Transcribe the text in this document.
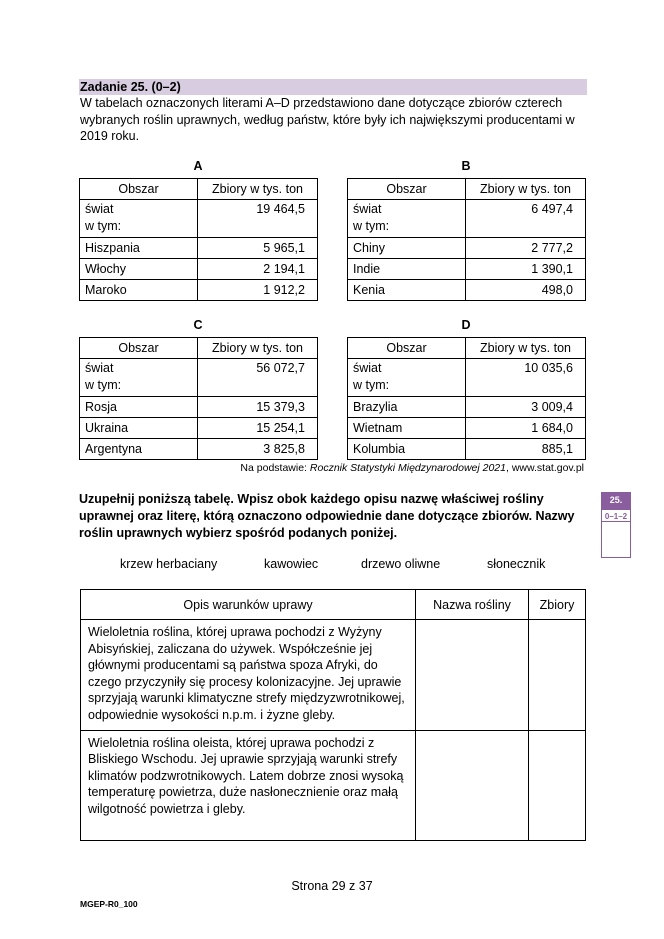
Zadanie 25. (0–2)
W tabelach oznaczonych literami A–D przedstawiono dane dotyczące zbiorów czterech wybranych roślin uprawnych, według państw, które były ich największymi producentami w 2019 roku.
A
Obszar	Zbiory w tys. ton
świat
w tym:	19 464,5
Hiszpania	5 965,1
Włochy	2 194,1
Maroko	1 912,2
B
Obszar	Zbiory w tys. ton
świat
w tym:	6 497,4
Chiny	2 777,2
Indie	1 390,1
Kenia	498,0
C
Obszar	Zbiory w tys. ton
świat
w tym:	56 072,7
Rosja	15 379,3
Ukraina	15 254,1
Argentyna	3 825,8
D
Obszar	Zbiory w tys. ton
świat
w tym:	10 035,6
Brazylia	3 009,4
Wietnam	1 684,0
Kolumbia	885,1
Na podstawie: Rocznik Statystyki Międzynarodowej 2021, www.stat.gov.pl
Uzupełnij poniższą tabelę. Wpisz obok każdego opisu nazwę właściwej rośliny uprawnej oraz literę, którą oznaczono odpowiednie dane dotyczące zbiorów. Nazwy roślin uprawnych wybierz spośród podanych poniżej.
25.
0–1–2
krzew herbaciany	kawowiec	drzewo oliwne	słonecznik
Opis warunków uprawy	Nazwa rośliny	Zbiory
Wieloletnia roślina, której uprawa pochodzi z Wyżyny Abisyńskiej, zaliczana do używek. Współcześnie jej głównymi producentami są państwa spoza Afryki, do czego przyczyniły się procesy kolonizacyjne. Jej uprawie sprzyjają warunki klimatyczne strefy międzyzwrotnikowej, odpowiednie wysokości n.p.m. i żyzne gleby.		
Wieloletnia roślina oleista, której uprawa pochodzi z Bliskiego Wschodu. Jej uprawie sprzyjają warunki strefy klimatów podzwrotnikowych. Latem dobrze znosi wysoką temperaturę powietrza, duże nasłonecznienie oraz małą wilgotność powietrza i gleby.		
Strona 29 z 37
MGEP-R0_100
